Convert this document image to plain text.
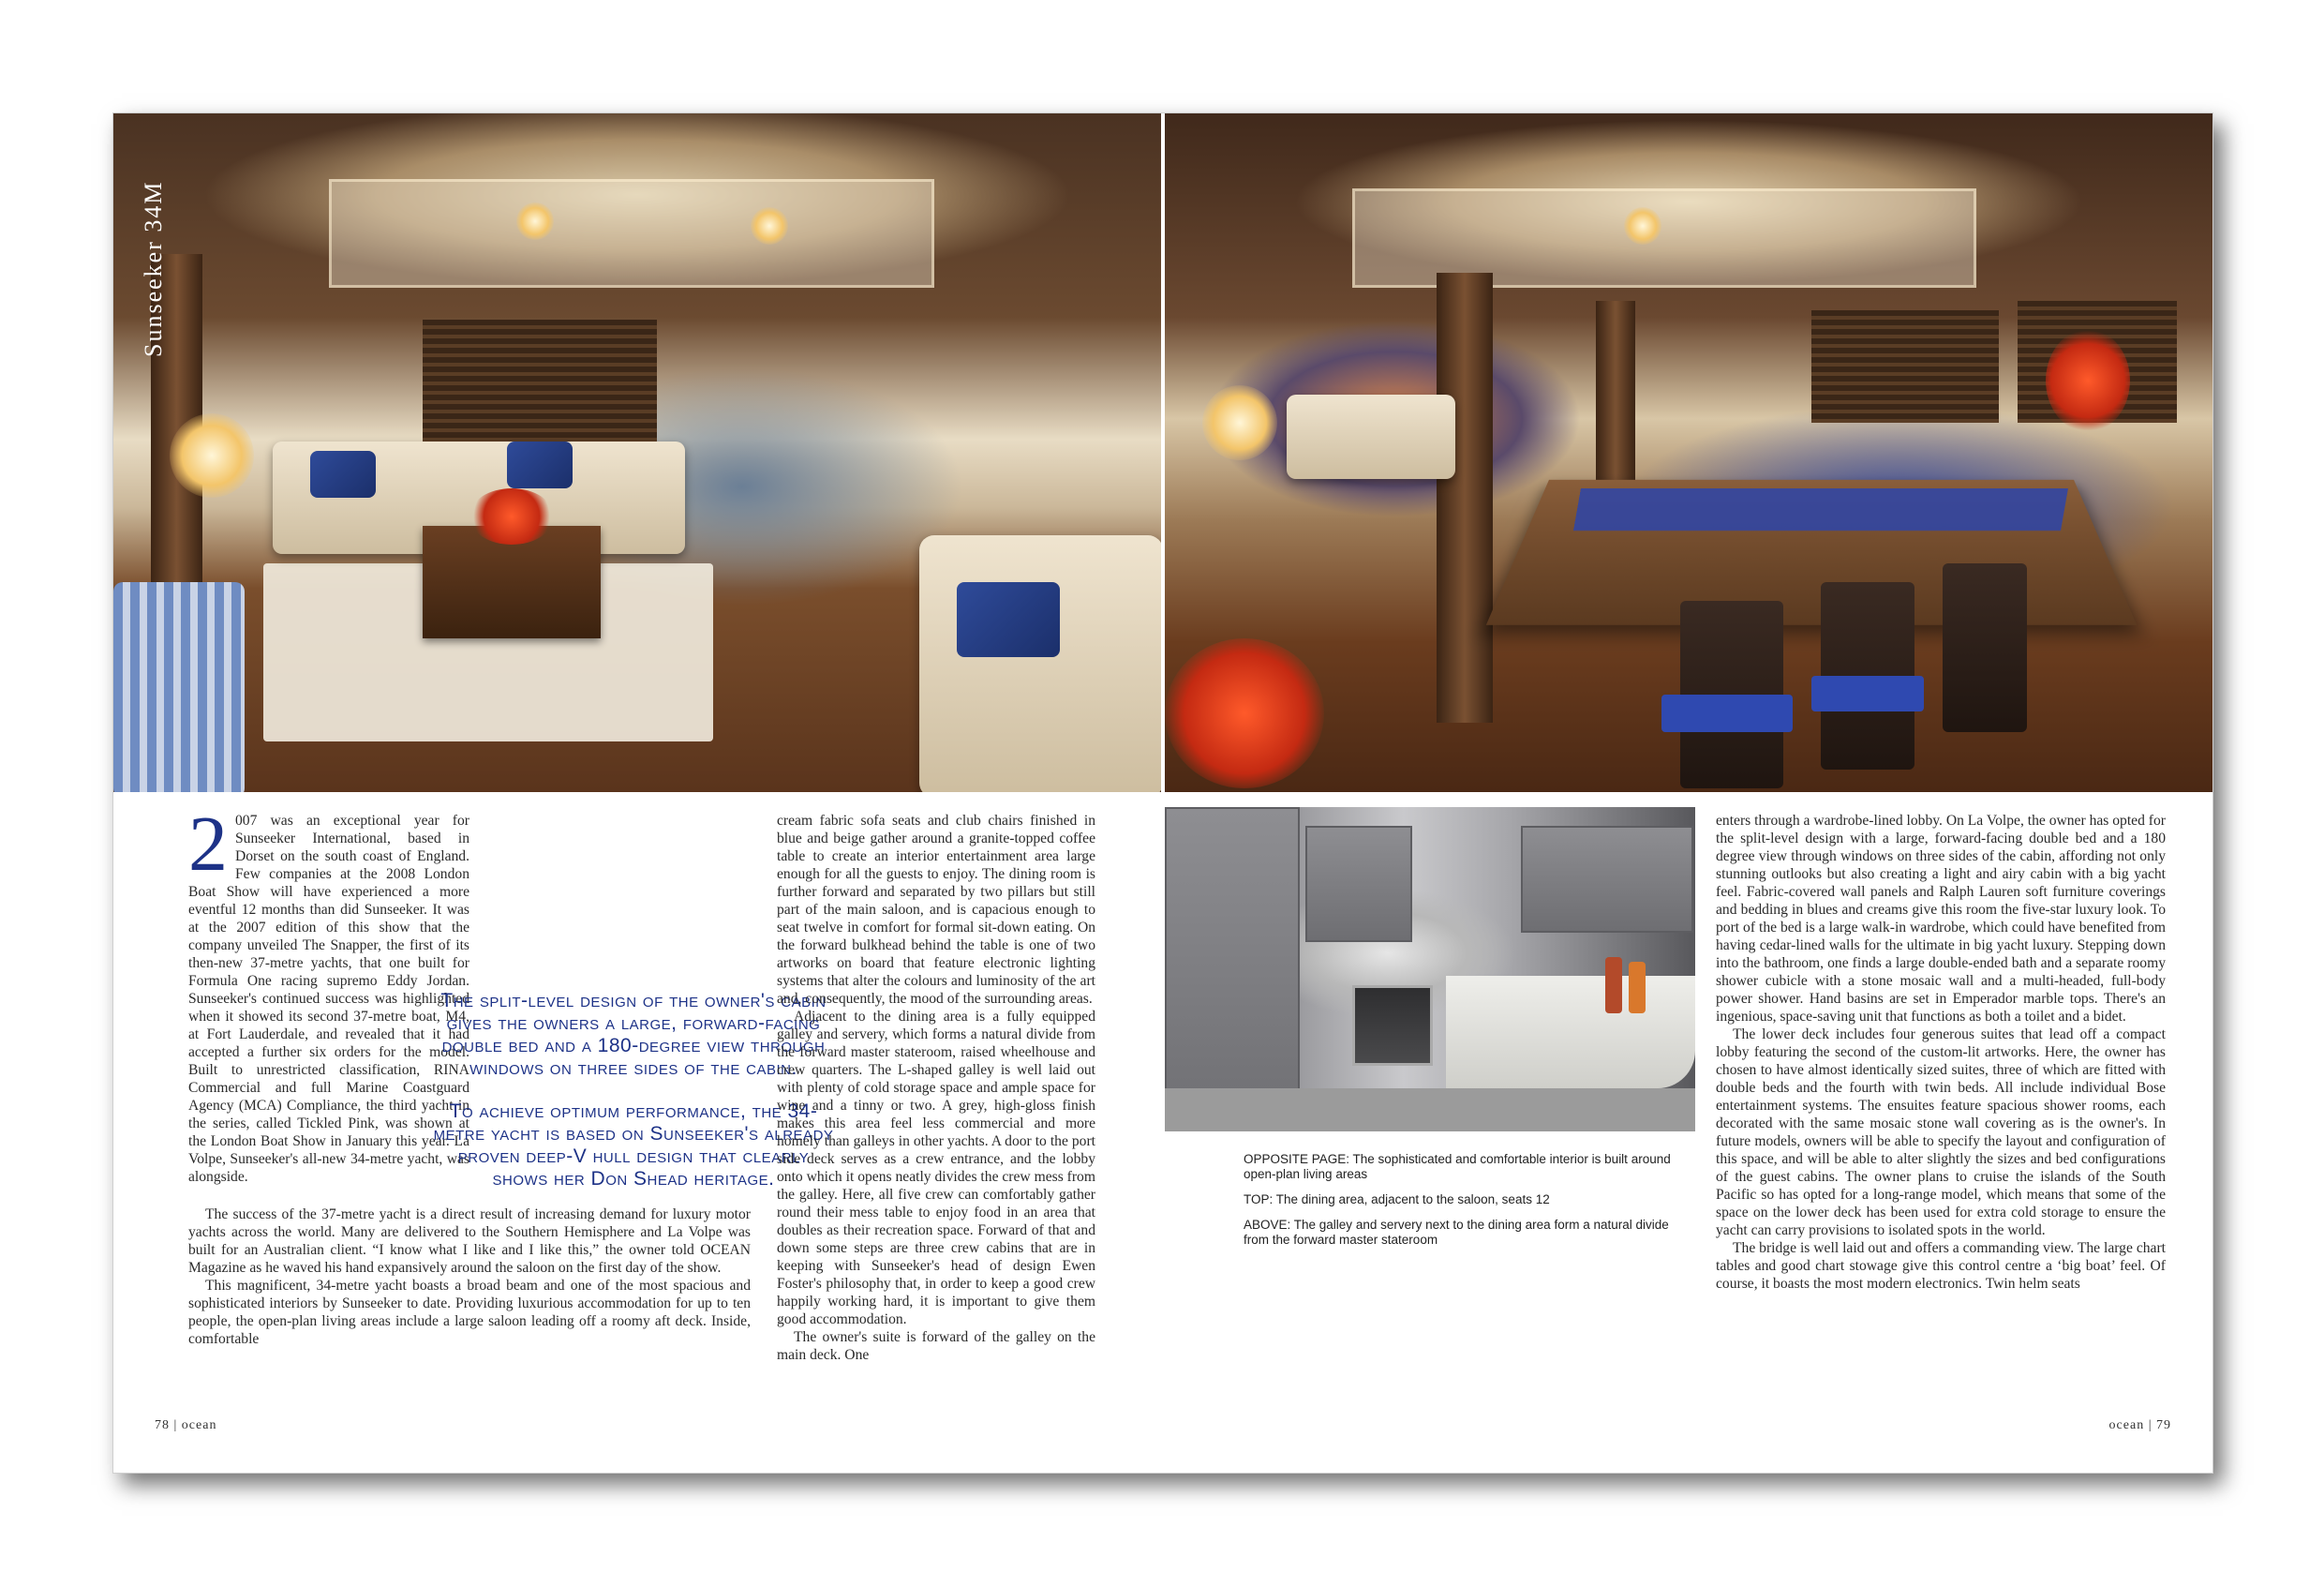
Sunseeker 34M

2 007 was an exceptional year for Sunseeker International, based in Dorset on the south coast of England. Few companies at the 2008 London Boat Show will have experienced a more eventful 12 months than did Sunseeker. It was at the 2007 edition of this show that the company unveiled The Snapper, the first of its then-new 37-metre yachts, that one built for Formula One racing supremo Eddy Jordan. Sunseeker's continued success was highlighted when it showed its second 37-metre boat, M4, at Fort Lauderdale, and revealed that it had accepted a further six orders for the model. Built to unrestricted classification, RINA Commercial and full Marine Coastguard Agency (MCA) Compliance, the third yacht in the series, called Tickled Pink, was shown at the London Boat Show in January this year. La Volpe, Sunseeker's all-new 34-metre yacht, was alongside.

The success of the 37-metre yacht is a direct result of increasing demand for luxury motor yachts across the world. Many are delivered to the Southern Hemisphere and La Volpe was built for an Australian client. “I know what I like and I like this,” the owner told OCEAN Magazine as he waved his hand expansively around the saloon on the first day of the show.

This magnificent, 34-metre yacht boasts a broad beam and one of the most spacious and sophisticated interiors by Sunseeker to date. Providing luxurious accommodation for up to ten people, the open-plan living areas include a large saloon leading off a roomy aft deck. Inside, comfortable

The split-level design of the owner's cabin gives the owners a large, forward-facing double bed and a 180-degree view through windows on three sides of the cabin.

To achieve optimum performance, the 34-metre yacht is based on Sunseeker's already proven deep-V hull design that clearly shows her Don Shead heritage.

cream fabric sofa seats and club chairs finished in blue and beige gather around a granite-topped coffee table to create an interior entertainment area large enough for all the guests to enjoy. The dining room is further forward and separated by two pillars but still part of the main saloon, and is capacious enough to seat twelve in comfort for formal sit-down eating. On the forward bulkhead behind the table is one of two artworks on board that feature electronic lighting systems that alter the colours and luminosity of the art and, consequently, the mood of the surrounding areas.

Adjacent to the dining area is a fully equipped galley and servery, which forms a natural divide from the forward master stateroom, raised wheelhouse and crew quarters. The L-shaped galley is well laid out with plenty of cold storage space and ample space for wine and a tinny or two. A grey, high-gloss finish makes this area feel less commercial and more homely than galleys in other yachts. A door to the port side deck serves as a crew entrance, and the lobby onto which it opens neatly divides the crew mess from the galley. Here, all five crew can comfortably gather round their mess table to enjoy food in an area that doubles as their recreation space. Forward of that and down some steps are three crew cabins that are in keeping with Sunseeker's head of design Ewen Foster's philosophy that, in order to keep a good crew happily working hard, it is important to give them good accommodation.

The owner's suite is forward of the galley on the main deck. One

OPPOSITE PAGE: The sophisticated and comfortable interior is built around open-plan living areas

TOP: The dining area, adjacent to the saloon, seats 12

ABOVE: The galley and servery next to the dining area form a natural divide from the forward master stateroom

enters through a wardrobe-lined lobby. On La Volpe, the owner has opted for the split-level design with a large, forward-facing double bed and a 180 degree view through windows on three sides of the cabin, affording not only stunning outlooks but also creating a light and airy cabin with a big yacht feel. Fabric-covered wall panels and Ralph Lauren soft furniture coverings and bedding in blues and creams give this room the five-star luxury look. To port of the bed is a large walk-in wardrobe, which could have benefited from having cedar-lined walls for the ultimate in big yacht luxury. Stepping down into the bathroom, one finds a large double-ended bath and a separate roomy shower cubicle with a stone mosaic wall and a multi-headed, full-body power shower. Hand basins are set in Emperador marble tops. There's an ingenious, space-saving unit that functions as both a toilet and a bidet.

The lower deck includes four generous suites that lead off a compact lobby featuring the second of the custom-lit artworks. Here, the owner has chosen to have almost identically sized suites, three of which are fitted with double beds and the fourth with twin beds. All include individual Bose entertainment systems. The ensuites feature spacious shower rooms, each decorated with the same mosaic stone wall covering as is the owner's. In future models, owners will be able to specify the layout and configuration of this space, and will be able to alter slightly the sizes and bed configurations of the guest cabins. The owner plans to cruise the islands of the South Pacific so has opted for a long-range model, which means that some of the space on the lower deck has been used for extra cold storage to ensure the yacht can carry provisions to isolated spots in the world.

The bridge is well laid out and offers a commanding view. The large chart tables and good chart stowage give this control centre a ‘big boat’ feel. Of course, it boasts the most modern electronics. Twin helm seats

78 | ocean	ocean | 79
